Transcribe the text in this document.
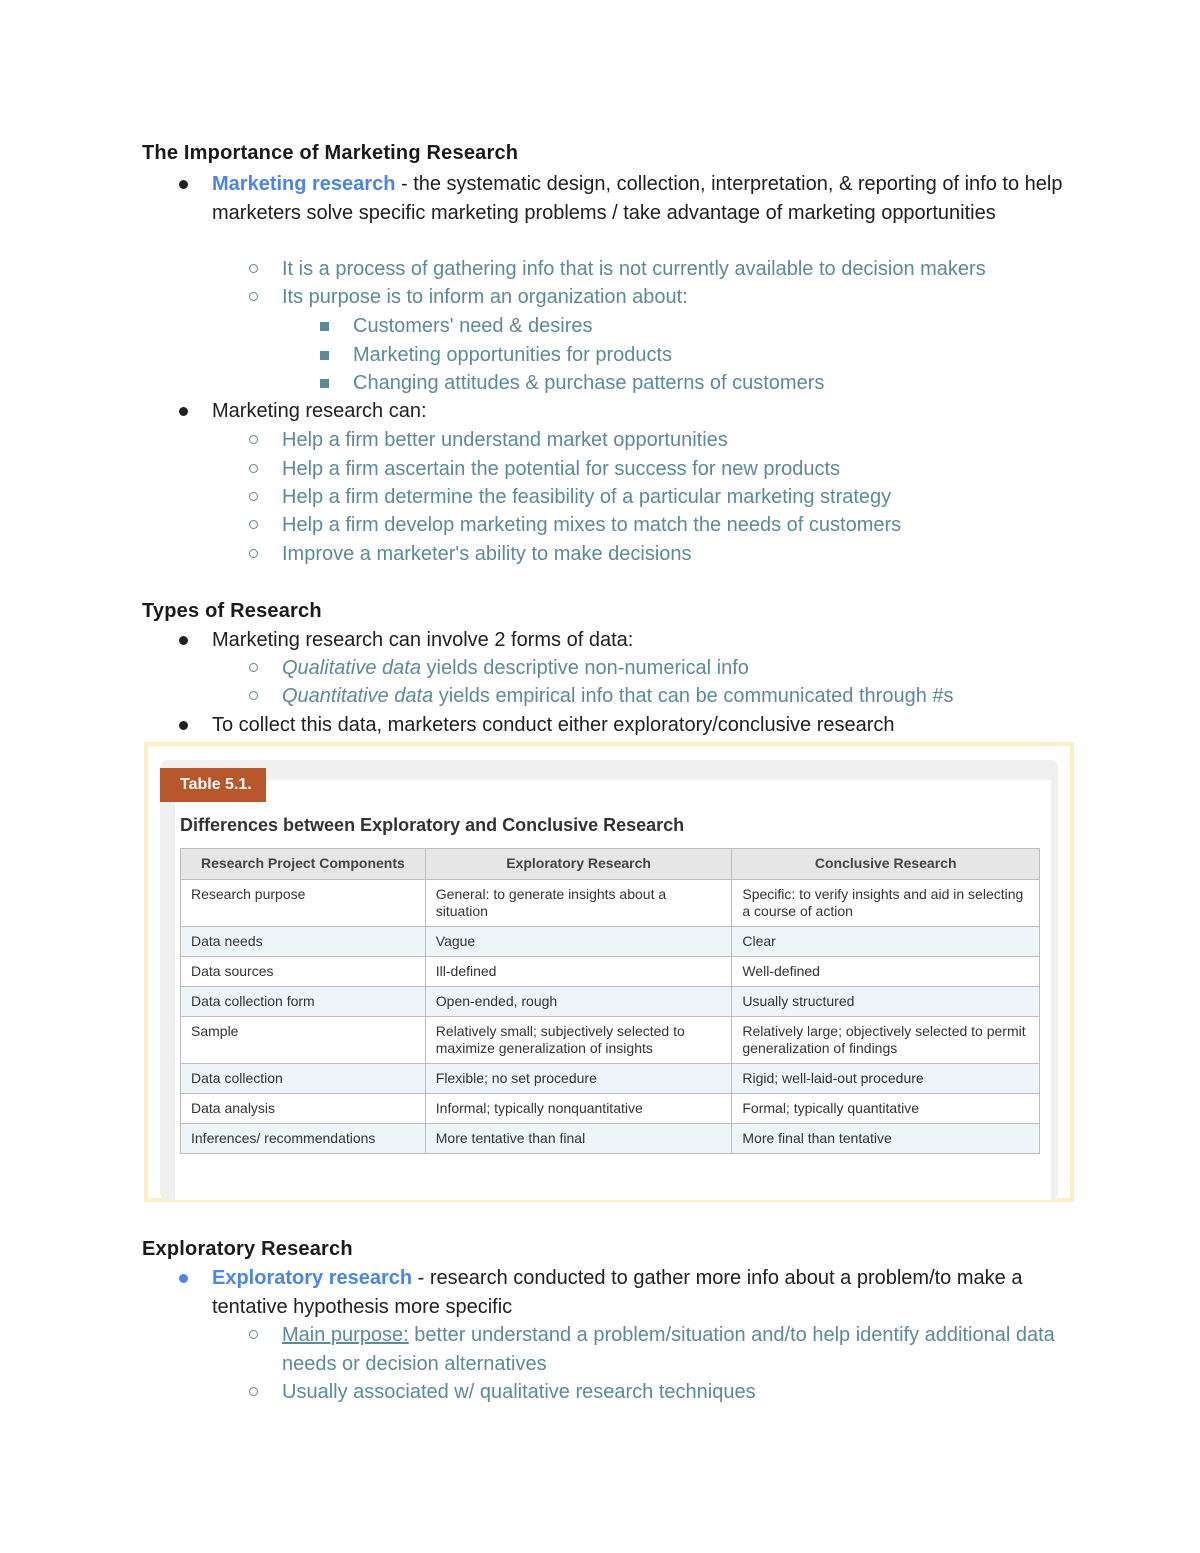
The Importance of Marketing Research
Marketing research - the systematic design, collection, interpretation, & reporting of info to help marketers solve specific marketing problems / take advantage of marketing opportunities
It is a process of gathering info that is not currently available to decision makers
Its purpose is to inform an organization about:
Customers' need & desires
Marketing opportunities for products
Changing attitudes & purchase patterns of customers
Marketing research can:
Help a firm better understand market opportunities
Help a firm ascertain the potential for success for new products
Help a firm determine the feasibility of a particular marketing strategy
Help a firm develop marketing mixes to match the needs of customers
Improve a marketer's ability to make decisions
Types of Research
Marketing research can involve 2 forms of data:
Qualitative data yields descriptive non-numerical info
Quantitative data yields empirical info that can be communicated through #s
To collect this data, marketers conduct either exploratory/conclusive research
Table 5.1.
Differences between Exploratory and Conclusive Research
Research Project Components	Exploratory Research	Conclusive Research
Research purpose	General: to generate insights about a situation	Specific: to verify insights and aid in selecting a course of action
Data needs	Vague	Clear
Data sources	Ill-defined	Well-defined
Data collection form	Open-ended, rough	Usually structured
Sample	Relatively small; subjectively selected to maximize generalization of insights	Relatively large; objectively selected to permit generalization of findings
Data collection	Flexible; no set procedure	Rigid; well-laid-out procedure
Data analysis	Informal; typically nonquantitative	Formal; typically quantitative
Inferences/ recommendations	More tentative than final	More final than tentative
Exploratory Research
Exploratory research - research conducted to gather more info about a problem/to make a tentative hypothesis more specific
Main purpose: better understand a problem/situation and/to help identify additional data needs or decision alternatives
Usually associated w/ qualitative research techniques
